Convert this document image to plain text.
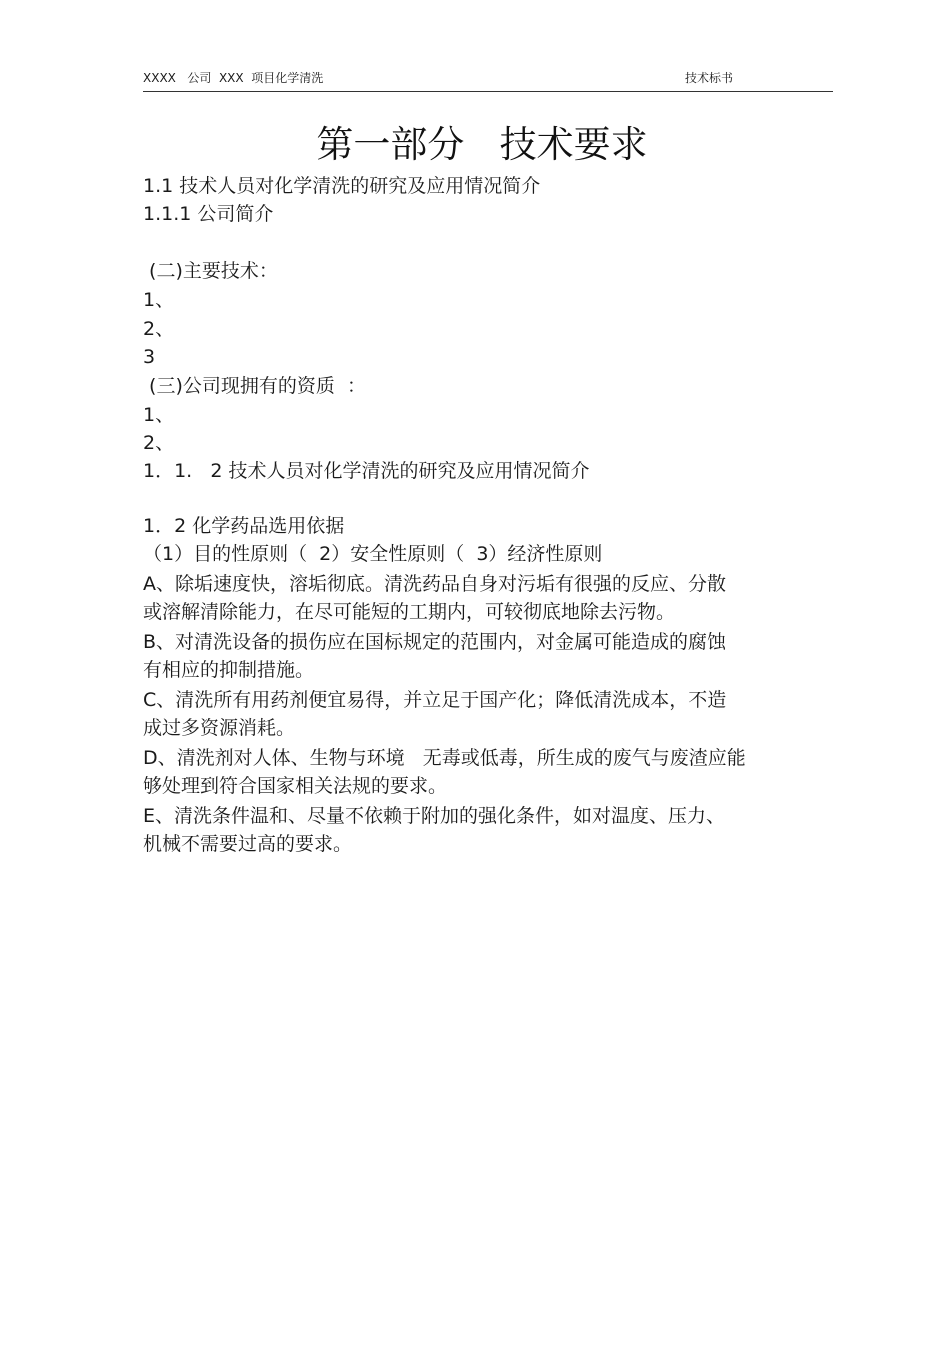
XXXX   公司  XXX  项目化学清洗	技术标书
第一部分   技术要求
1.1 技术人员对化学清洗的研究及应用情况简介
1.1.1 公司简介
(二)主要技术：
1、
2、
3
(三)公司现拥有的资质  ：
1、
2、
1．1.   2 技术人员对化学清洗的研究及应用情况简介
1．2 化学药品选用依据
（1）目的性原则（  2）安全性原则（  3）经济性原则
A、除垢速度快，溶垢彻底。清洗药品自身对污垢有很强的反应、分散
或溶解清除能力，在尽可能短的工期内，可较彻底地除去污物。
B、对清洗设备的损伤应在国标规定的范围内，对金属可能造成的腐蚀
有相应的抑制措施。
C、清洗所有用药剂便宜易得，并立足于国产化；降低清洗成本，不造
成过多资源消耗。
D、清洗剂对人体、生物与环境   无毒或低毒，所生成的废气与废渣应能
够处理到符合国家相关法规的要求。
E、清洗条件温和、尽量不依赖于附加的强化条件，如对温度、压力、
机械不需要过高的要求。
